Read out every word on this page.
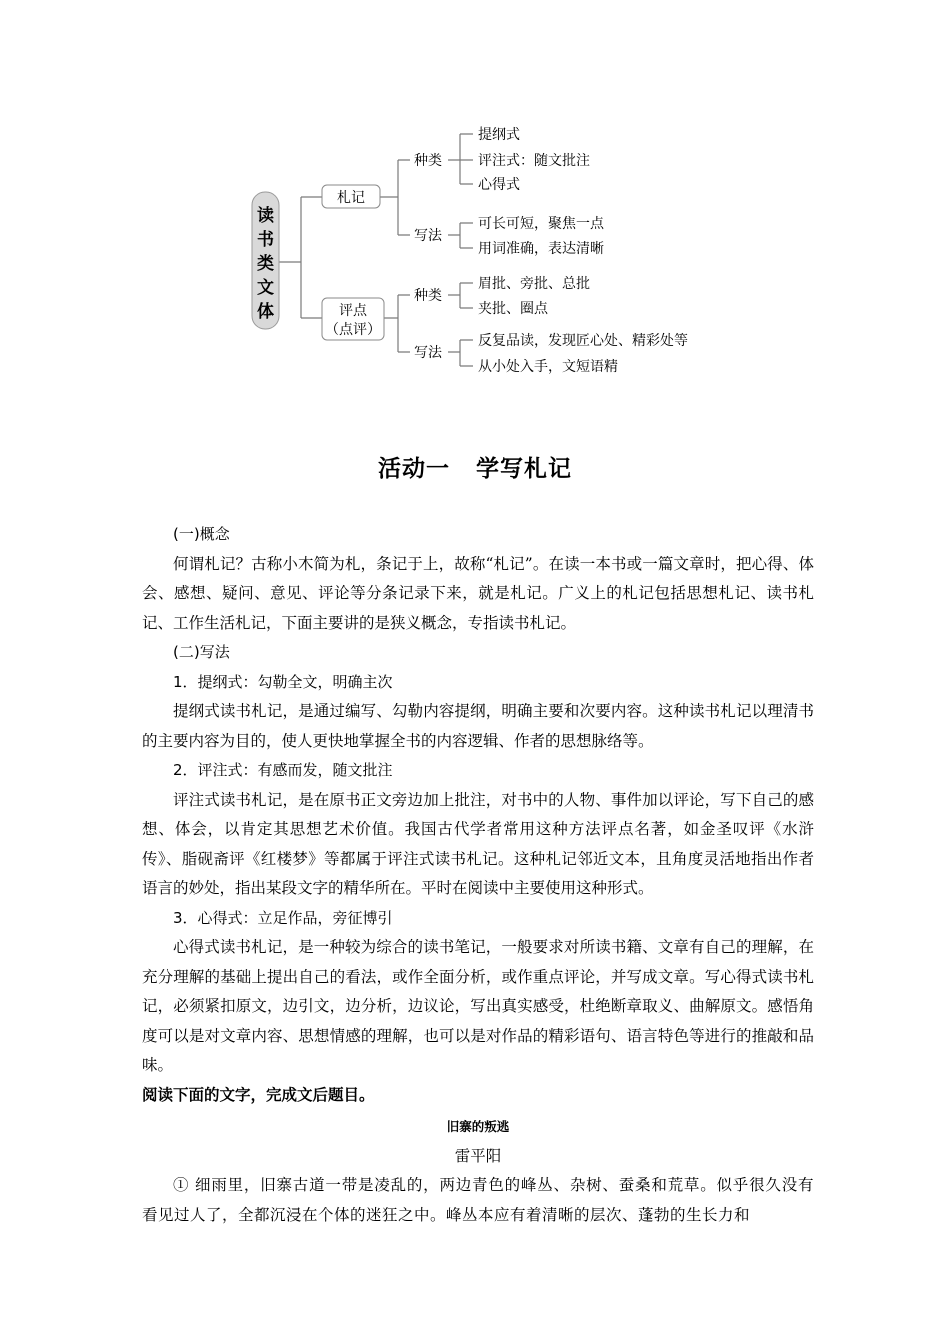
读
书
类
文
体
札记
种类
提纲式
评注式：随文批注
心得式
写法
可长可短，聚焦一点
用词准确，表达清晰
评点
（点评）
种类
眉批、旁批、总批
夹批、圈点
写法
反复品读，发现匠心处、精彩处等
从小处入手，文短语精
活动一 学写札记

(一)概念

何谓札记？古称小木简为札，条记于上，故称“札记”。在读一本书或一篇文章时，把心得、体会、感想、疑问、意见、评论等分条记录下来，就是札记。广义上的札记包括思想札记、读书札记、工作生活札记，下面主要讲的是狭义概念，专指读书札记。

(二)写法

1．提纲式：勾勒全文，明确主次

提纲式读书札记，是通过编写、勾勒内容提纲，明确主要和次要内容。这种读书札记以理清书的主要内容为目的，使人更快地掌握全书的内容逻辑、作者的思想脉络等。

2．评注式：有感而发，随文批注

评注式读书札记，是在原书正文旁边加上批注，对书中的人物、事件加以评论，写下自己的感想、体会，以肯定其思想艺术价值。我国古代学者常用这种方法评点名著，如金圣叹评《水浒传》、脂砚斋评《红楼梦》等都属于评注式读书札记。这种札记邻近文本，且角度灵活地指出作者语言的妙处，指出某段文字的精华所在。平时在阅读中主要使用这种形式。

3．心得式：立足作品，旁征博引

心得式读书札记，是一种较为综合的读书笔记，一般要求对所读书籍、文章有自己的理解，在充分理解的基础上提出自己的看法，或作全面分析，或作重点评论，并写成文章。写心得式读书札记，必须紧扣原文，边引文，边分析，边议论，写出真实感受，杜绝断章取义、曲解原文。感悟角度可以是对文章内容、思想情感的理解，也可以是对作品的精彩语句、语言特色等进行的推敲和品味。

阅读下面的文字，完成文后题目。

旧寨的叛逃

雷平阳

① 细雨里，旧寨古道一带是凌乱的，两边青色的峰丛、杂树、蚕桑和荒草。似乎很久没有看见过人了，全都沉浸在个体的迷狂之中。峰丛本应有着清晰的层次、蓬勃的生长力和
